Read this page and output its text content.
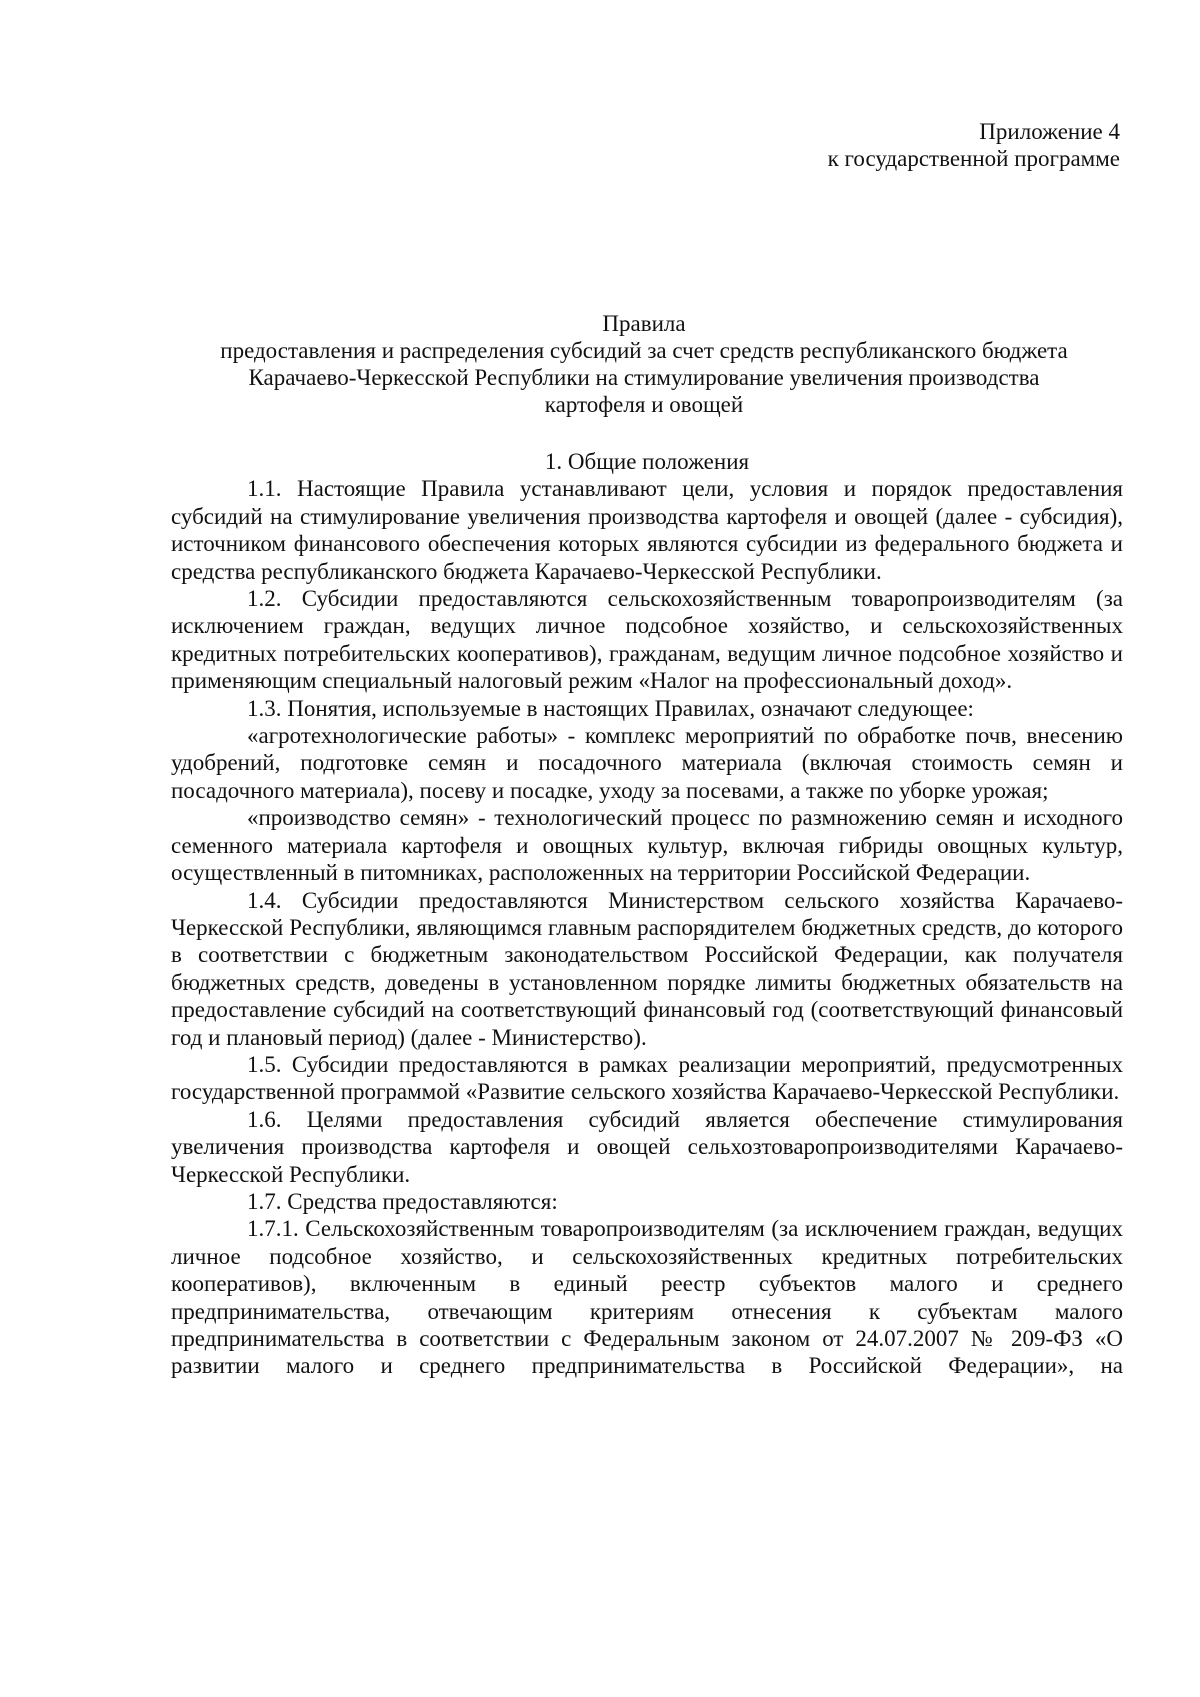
Приложение 4
к государственной программе
Правила
предоставления и распределения субсидий за счет средств республиканского бюджета
Карачаево-Черкесской Республики на стимулирование увеличения производства
картофеля и овощей
1. Общие положения

1.1. Настоящие Правила устанавливают цели, условия и порядок предоставления субсидий на стимулирование увеличения производства картофеля и овощей (далее - субсидия), источником финансового обеспечения которых являются субсидии из федерального бюджета и средства республиканского бюджета Карачаево-Черкесской Республики.

1.2. Субсидии предоставляются сельскохозяйственным товаропроизводителям (за исключением граждан, ведущих личное подсобное хозяйство, и сельскохозяйственных кредитных потребительских кооперативов), гражданам, ведущим личное подсобное хозяйство и применяющим специальный налоговый режим «Налог на профессиональный доход».

1.3. Понятия, используемые в настоящих Правилах, означают следующее:

«агротехнологические работы» - комплекс мероприятий по обработке почв, внесению удобрений, подготовке семян и посадочного материала (включая стоимость семян и посадочного материала), посеву и посадке, уходу за посевами, а также по уборке урожая;

«производство семян» - технологический процесс по размножению семян и исходного семенного материала картофеля и овощных культур, включая гибриды овощных культур, осуществленный в питомниках, расположенных на территории Российской Федерации.

1.4. Субсидии предоставляются Министерством сельского хозяйства Карачаево-Черкесской Республики, являющимся главным распорядителем бюджетных средств, до которого в соответствии с бюджетным законодательством Российской Федерации, как получателя бюджетных средств, доведены в установленном порядке лимиты бюджетных обязательств на предоставление субсидий на соответствующий финансовый год (соответствующий финансовый год и плановый период) (далее - Министерство).

1.5. Субсидии предоставляются в рамках реализации мероприятий, предусмотренных государственной программой «Развитие сельского хозяйства Карачаево-Черкесской Республики.

1.6. Целями предоставления субсидий является обеспечение стимулирования увеличения производства картофеля и овощей сельхозтоваропроизводителями Карачаево-Черкесской Республики.

1.7. Средства предоставляются:

1.7.1. Сельскохозяйственным товаропроизводителям (за исключением граждан, ведущих личное подсобное хозяйство, и сельскохозяйственных кредитных потребительских кооперативов), включенным в единый реестр субъектов малого и среднего предпринимательства, отвечающим критериям отнесения к субъектам малого предпринимательства в соответствии с Федеральным законом от 24.07.2007 № 209-ФЗ «О развитии малого и среднего предпринимательства в Российской Федерации», на
